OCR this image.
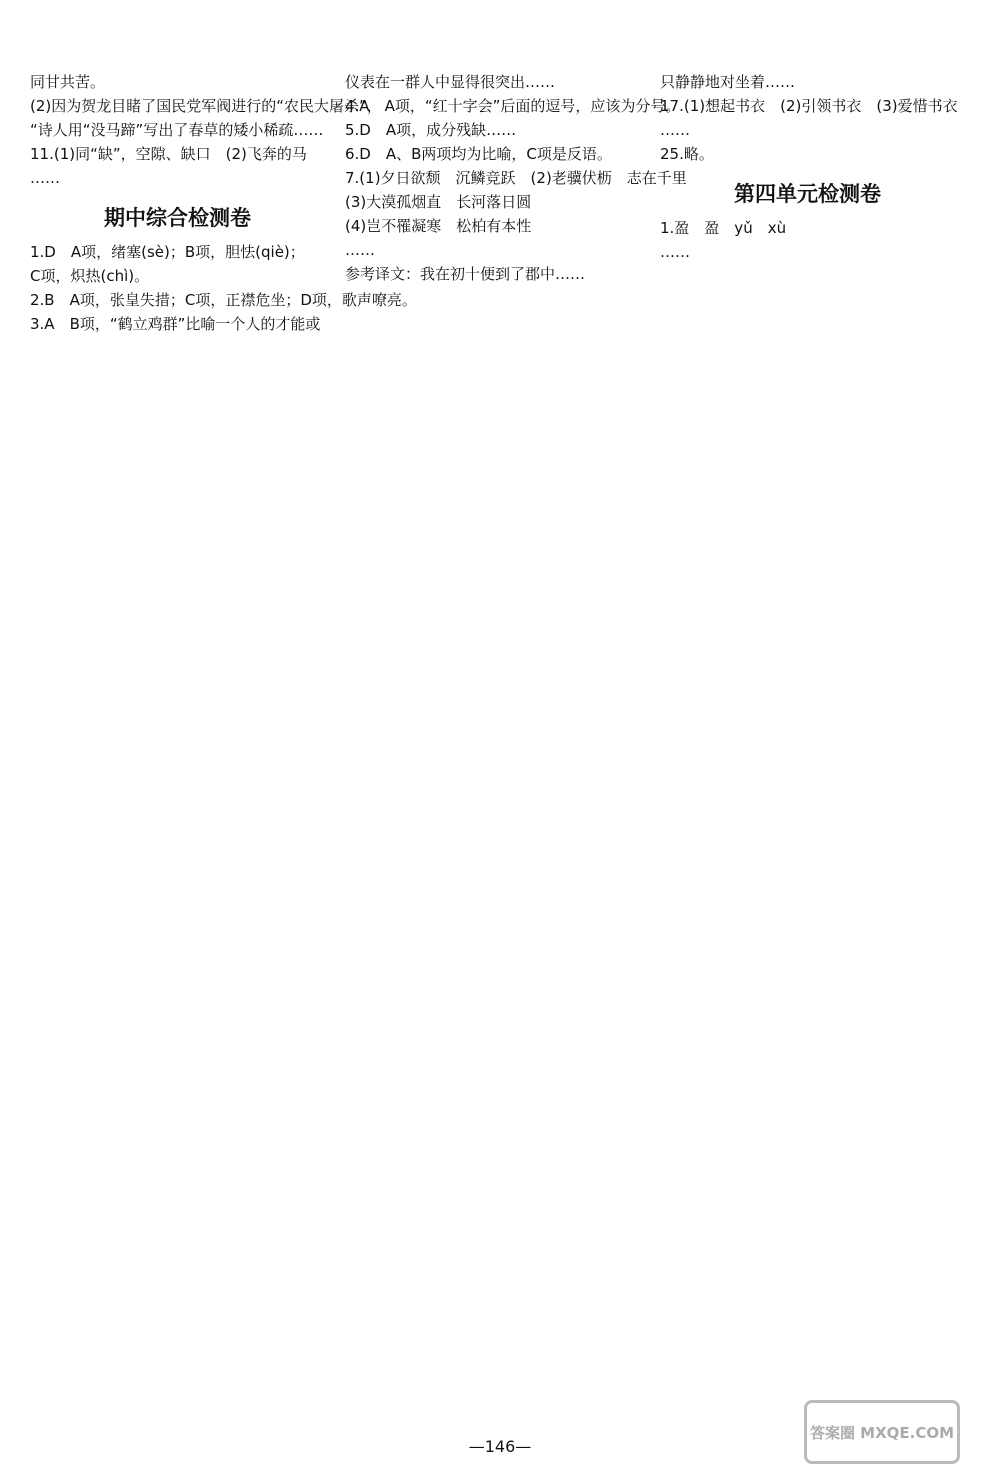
同甘共苦。
(2)因为贺龙目睹了国民党军阀进行的“农民大屠杀”，
“诗人用“没马蹄”写出了春草的矮小稀疏……
11.(1)同“缺”，空隙、缺口　(2)飞奔的马
……
期中综合检测卷
1.D　A项，绪塞(sè)；B项，胆怯(qiè)；
C项，炽热(chì)。
2.B　A项，张皇失措；C项，正襟危坐；D项，歌声嘹亮。
3.A　B项，“鹤立鸡群”比喻一个人的才能或
仪表在一群人中显得很突出……
4.A　A项，“红十字会”后面的逗号，应该为分号。
5.D　A项，成分残缺……
6.D　A、B两项均为比喻，C项是反语。
7.(1)夕日欲颓　沉鳞竞跃　(2)老骥伏枥　志在千里
(3)大漠孤烟直　长河落日圆
(4)岂不罹凝寒　松柏有本性
……
参考译文：我在初十便到了郡中……
只静静地对坐着……
17.(1)想起书衣　(2)引领书衣　(3)爱惜书衣
……
25.略。
第四单元检测卷
1.盈　盈　yǔ　xù
……
—146—
答案圈 MXQE.COM
